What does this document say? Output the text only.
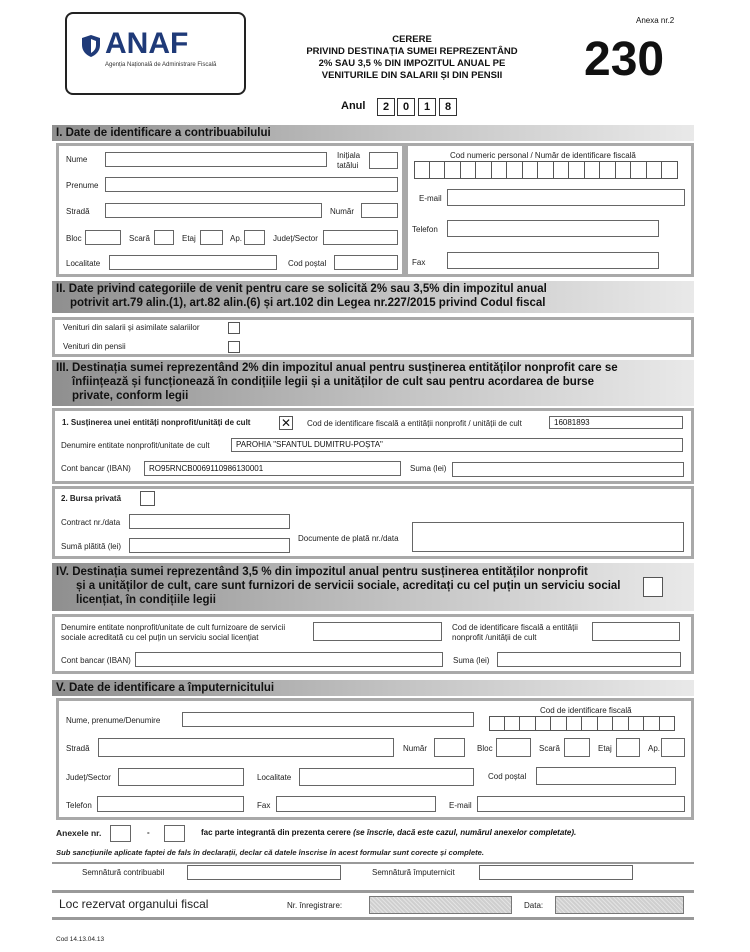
ANAF
Agenția Națională de Administrare Fiscală
CERERE
PRIVIND DESTINAȚIA SUMEI REPREZENTÂND
2% SAU 3,5 % DIN IMPOZITUL ANUAL PE
VENITURILE DIN SALARII ȘI DIN PENSII
Anexa nr.2
230
Anul	2	0	1	8
I. Date de identificare a contribuabilului
Nume	Inițiala
tatălui
Prenume
Stradă	Număr
Bloc	Scară	Etaj	Ap.	Județ/Sector
Localitate	Cod poștal
Cod numeric personal / Număr de identificare fiscală
E-mail
Telefon
Fax
II. Date privind categoriile de venit pentru care se solicită 2% sau 3,5% din impozitul anual
potrivit art.79 alin.(1), art.82 alin.(6) și art.102 din Legea nr.227/2015 privind Codul fiscal
Venituri din salarii și asimilate salariilor
Venituri din pensii
III. Destinația sumei reprezentând 2% din impozitul anual pentru susținerea entităților nonprofit care se
înființează și funcționează în condițiile legii și a unităților de cult sau pentru acordarea de burse
private, conform legii
1. Susținerea unei entități nonprofit/unități de cult	✕ Cod de identificare fiscală a entității nonprofit / unității de cult	16081893
Denumire entitate nonprofit/unitate de cult	PAROHIA "SFANTUL DUMITRU-POȘTA"
Cont bancar (IBAN)	RO95RNCB0069110986130001	Suma (lei)
2. Bursa privată
Contract nr./data
Sumă plătită (lei)
Documente de plată nr./data
IV. Destinația sumei reprezentând 3,5 % din impozitul anual pentru susținerea entităților nonprofit
și a unităților de cult, care sunt furnizori de servicii sociale, acreditați cu cel puțin un serviciu social
licențiat, în condițiile legii
Denumire entitate nonprofit/unitate de cult furnizoare de servicii
sociale acreditată cu cel puțin un serviciu social licențiat
Cod de identificare fiscală a entității
nonprofit /unității de cult
Cont bancar (IBAN)	Suma (lei)
V. Date de identificare a împuternicitului
Nume, prenume/Denumire
Cod de identificare fiscală
Stradă	Număr	Bloc	Scară	Etaj	Ap.
Județ/Sector	Localitate	Cod poștal
Telefon	Fax	E-mail
Anexele nr.	-	fac parte integrantă din prezenta cerere (se înscrie, dacă este cazul, numărul anexelor completate).
Sub sancțiunile aplicate faptei de fals în declarații, declar că datele înscrise în acest formular sunt corecte și complete.
Semnătură contribuabil	Semnătură împuternicit
Loc rezervat organului fiscal	Nr. înregistrare:	Data:
Cod 14.13.04.13
